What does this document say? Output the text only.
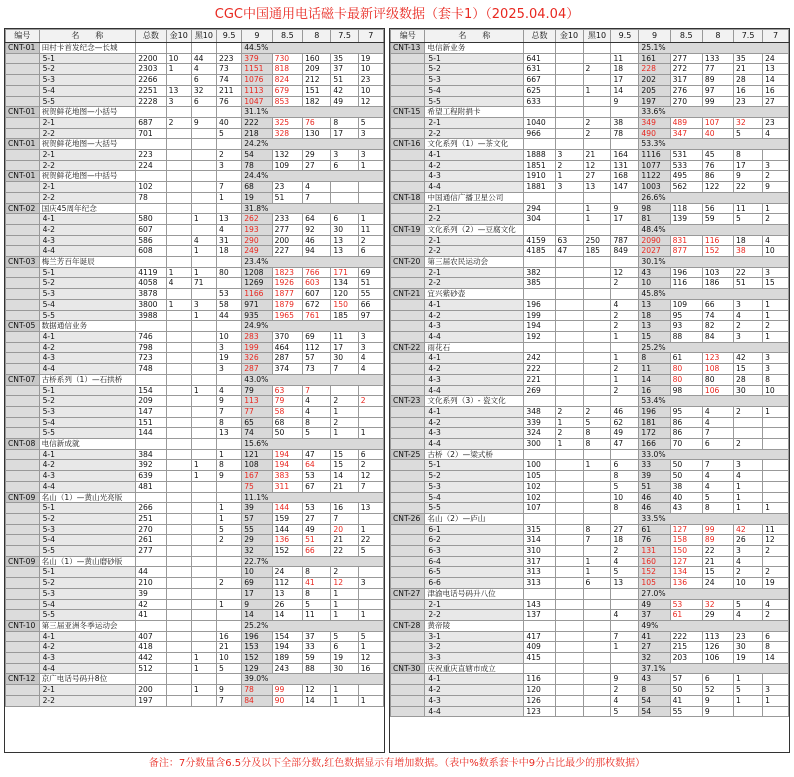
CGC中国通用电话磁卡最新评级数据（套卡1）（2025.04.04）
编号	名　　称	总数	金10	黑10	9.5	9	8.5	8	7.5	7
CNT-01	田村卡首发纪念—长城					44.5%				
	5-1	2200	10	44	223	379	730	160	35	19
	5-2	2303	1	4	73	1151	818	209	37	10
	5-3	2266		6	74	1076	824	212	51	23
	5-4	2251	13	32	211	1113	679	151	42	10
	5-5	2228	3	6	76	1047	853	182	49	12
CNT-01	祝贺鲜花地图—小括号					31.1%				
	2-1	687	2	9	40	222	325	76	8	5
	2-2	701			5	218	328	130	17	3
CNT-01	祝贺鲜花地图—大括号					24.2%				
	2-1	223			2	54	132	29	3	3
	2-2	224			3	78	109	27	6	1
CNT-01	祝贺鲜花地图—中括号					24.4%				
	2-1	102			7	68	23	4		
	2-2	78			1	19	51	7		
CNT-02	国庆45周年纪念					31.8%				
	4-1	580		1	13	262	233	64	6	1
	4-2	607			4	193	277	92	30	11
	4-3	586		4	31	290	200	46	13	2
	4-4	608		1	18	249	227	94	13	6
CNT-03	梅兰芳百年诞辰					23.4%				
	5-1	4119	1	1	80	1208	1823	766	171	69
	5-2	4058	4	71		1269	1926	603	134	51
	5-3	3878			53	1166	1877	607	120	55
	5-4	3800	1	3	58	971	1879	672	150	66
	5-5	3988		1	44	935	1965	761	185	97
CNT-05	数据通信业务					24.9%				
	4-1	746			10	283	370	69	11	3
	4-2	798			3	199	464	112	17	3
	4-3	723			19	326	287	57	30	4
	4-4	748			3	287	374	73	7	4
CNT-07	古桥系列（1）—石拱桥					43.0%				
	5-1	154		1	4	79	63	7		
	5-2	209			9	113	79	4	2	2
	5-3	147			7	77	58	4	1	
	5-4	151			8	65	68	8	2	
	5-5	144			13	74	50	5	1	1
CNT-08	电信新成就					15.6%				
	4-1	384			1	121	194	47	15	6
	4-2	392		1	8	108	194	64	15	2
	4-3	639		1	9	167	383	53	14	12
	4-4	481				75	311	67	21	7
CNT-09	名山（1）—黄山光亮版					11.1%				
	5-1	266			1	39	144	53	16	13
	5-2	251			1	57	159	27	7	
	5-3	270			5	55	144	49	20	1
	5-4	261			2	29	136	51	21	22
	5-5	277				32	152	66	22	5
CNT-09	名山（1）—黄山磨砂版					22.7%				
	5-1	44				10	24	8	2	
	5-2	210			2	69	112	41	12	3
	5-3	39				17	13	8	1	
	5-4	42			1	9	26	5	1	
	5-5	41				14	14	11	1	1
CNT-10	第三届亚洲冬季运动会					25.2%				
	4-1	407			16	196	154	37	5	5
	4-2	418			21	153	194	33	6	1
	4-3	442		1	10	152	189	59	19	12
	4-4	512		1	5	129	243	88	30	16
CNT-12	京广电话号码升8位					39.0%				
	2-1	200		1	9	78	99	12	1	
	2-2	197			7	84	90	14	1	1
编号	名　　称	总数	金10	黑10	9.5	9	8.5	8	7.5	7
CNT-13	电信新业务					25.1%				
	5-1	641			11	161	277	133	35	24
	5-2	631		2	18	228	272	77	21	13
	5-3	667			17	202	317	89	28	14
	5-4	625		1	14	205	276	97	16	16
	5-5	633			9	197	270	99	23	27
CNT-15	希望工程附捐卡					33.6%				
	2-1	1040		2	38	349	489	107	32	23
	2-2	966		2	78	490	347	40	5	4
CNT-16	文化系列（1）—茶文化					53.3%				
	4-1	1888	3	21	164	1116	531	45	8	
	4-2	1851	2	12	131	1077	533	76	17	3
	4-3	1910	1	27	168	1122	495	86	9	2
	4-4	1881	3	13	147	1003	562	122	22	9
CNT-18	中国通信广播卫星公司					26.6%				
	2-1	294		1	9	98	118	56	11	1
	2-2	304		1	17	81	139	59	5	2
CNT-19	文化系列（2）—豆腐文化					48.4%				
	2-1	4159	63	250	787	2090	831	116	18	4
	2-2	4185	47	185	849	2027	877	152	38	10
CNT-20	第三届农民运动会					30.1%				
	2-1	382			12	43	196	103	22	3
	2-2	385			2	10	116	186	51	15
CNT-21	宜兴紫砂壶					45.8%				
	4-1	196			4	13	109	66	3	1
	4-2	199			2	18	95	74	4	1
	4-3	194			2	13	93	82	2	2
	4-4	192			1	15	88	84	3	1
CNT-22	雨花石					25.2%				
	4-1	242			1	8	61	123	42	3
	4-2	222			2	11	80	108	15	3
	4-3	221			1	14	80	80	28	8
	4-4	269			2	16	98	106	30	10
CNT-23	文化系列（3）- 瓷文化					53.4%				
	4-1	348	2	2	46	196	95	4	2	1
	4-2	339	1	5	62	181	86	4		
	4-3	324	2	8	49	172	86	7		
	4-4	300	1	8	47	166	70	6	2	
CNT-25	古桥（2）—梁式桥					33.0%				
	5-1	100		1	6	33	50	7	3	
	5-2	105			8	39	50	4	4	
	5-3	102			5	51	38	4	1	
	5-4	102			10	46	40	5	1	
	5-5	107			8	46	43	8	1	1
CNT-26	名山（2）—庐山					33.5%				
	6-1	315		8	27	61	127	99	42	11
	6-2	314		7	18	76	158	89	26	12
	6-3	310			2	131	150	22	3	2
	6-4	317		1	4	160	127	21	4	
	6-5	313		1	5	152	134	15	2	2
	6-6	313		6	13	105	136	24	10	19
CNT-27	津渝电话号码升八位					27.0%				
	2-1	143				49	53	32	5	4
	2-2	137			4	37	61	29	4	2
CNT-28	黄帝陵					49%				
	3-1	417			7	41	222	113	23	6
	3-2	409			1	27	215	126	30	8
	3-3	415				32	203	106	19	14
CNT-30	庆祝重庆直辖市成立					37.1%				
	4-1	116			9	43	57	6	1	
	4-2	120			2	8	50	52	5	3
	4-3	126			4	54	41	9	1	1
	4-4	123			5	54	55	9		
备注：7分数量含6.5分及以下全部分数,红色数据显示有增加数据。（表中%数系套卡中9分占比最少的那枚数据）
